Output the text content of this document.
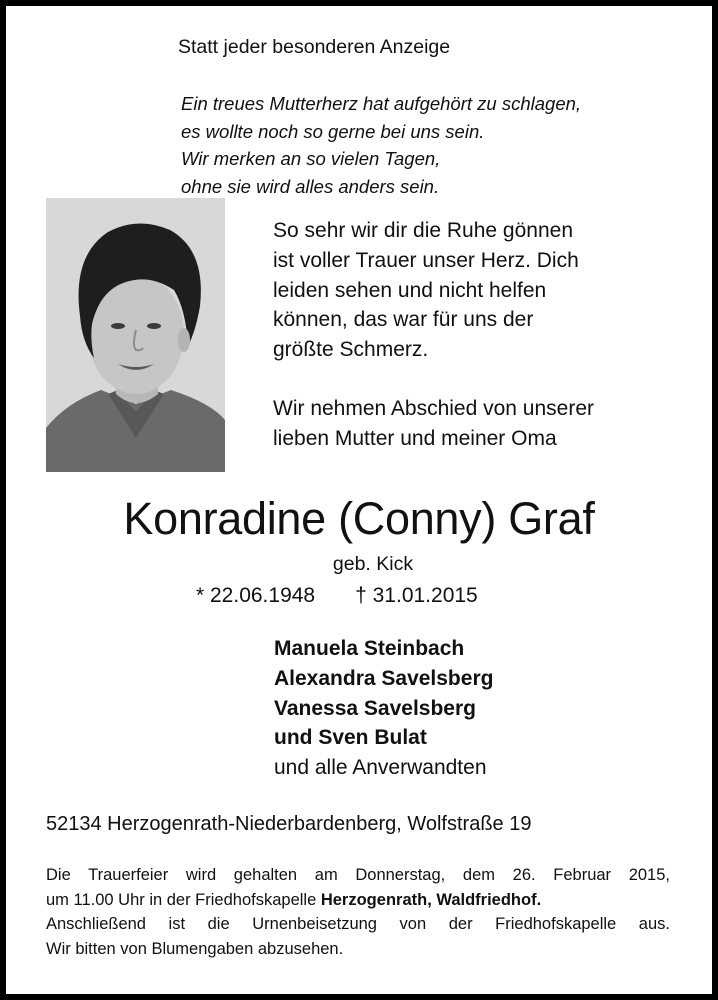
Statt jeder besonderen Anzeige
Ein treues Mutterherz hat aufgehört zu schlagen,
es wollte noch so gerne bei uns sein.
Wir merken an so vielen Tagen,
ohne sie wird alles anders sein.
So sehr wir dir die Ruhe gönnen
ist voller Trauer unser Herz. Dich
leiden sehen und nicht helfen
können, das war für uns der
größte Schmerz.
Wir nehmen Abschied von unserer
lieben Mutter und meiner Oma
Konradine (Conny) Graf
geb. Kick
* 22.06.1948 † 31.01.2015
Manuela Steinbach
Alexandra Savelsberg
Vanessa Savelsberg
und Sven Bulat
und alle Anverwandten
52134 Herzogenrath-Niederbardenberg, Wolfstraße 19
Die Trauerfeier wird gehalten am Donnerstag, dem 26. Februar 2015,
um 11.00 Uhr in der Friedhofskapelle Herzogenrath, Waldfriedhof.
Anschließend ist die Urnenbeisetzung von der Friedhofskapelle aus.
Wir bitten von Blumengaben abzusehen.
